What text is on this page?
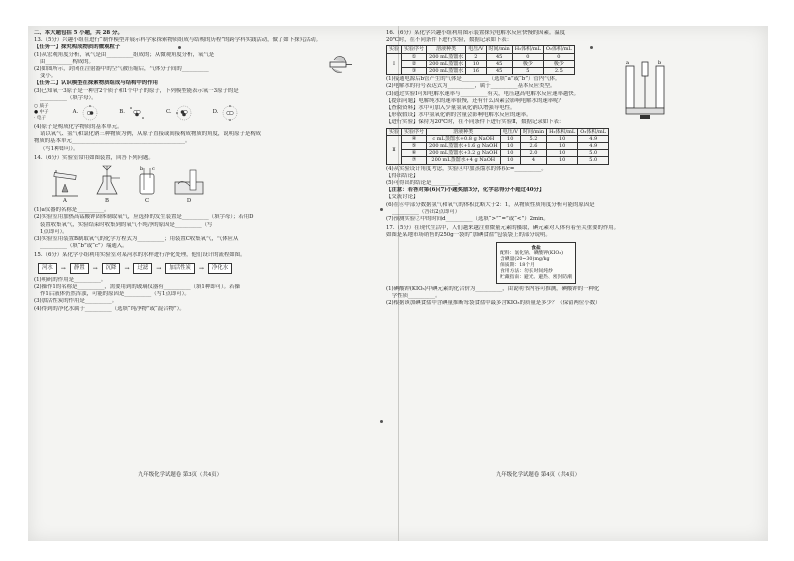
二、本大题包括 5 小题，共 28 分。
13.（5分）兴趣小组在进行“制作模型并展示科学家探索物质组成与结构的历程”的跨学科实践活动，做了如下探究活动。
【任务一】探究构成物质的微观粒子
(1)从宏观角度分析，氧气是由__________组成的；从微观角度分析，氧气是
由__________构成的。
(2)如图所示，封闭在注射器中的空气被压缩后，气体分子间的__________
变小。
【任务二】认识模型在探索物质组成与结构中的作用
(3)已知氧一3原子是一种含2个质子和1个中子的原子，下列模型能表示氧一3原子的是
__________（填字母）。
○ 质子
● 中子
· 电子
A.	B.	C.	D.
(4)原子是构成化学物质的基本单元。
请以氧气、氢气和氯化钠三种物质为例，从原子直接或间接构成物质的角度，说明原子是构成
物质的基本单元__________________________________________。
（写1种即可）。
14.（6分）实验室常用如图装置，回答下列问题。
A	B
b c
C	D
(1)a仪器的名称是__________。
(2)实验室用加热高锰酸钾固体制取氧气，应选择的发生装置是__________（填字母）；若用D
装置收集氧气，实验结束时收集到的氧气不纯净的原因是__________（写
1点即可）。
(3)实验室用装置B制取氧气的化学方程式为__________；用装置C收集氧气，气体应从
__________（填“b”或“c”）端通入。
15.（6分）某化学小组利用实验室对某河水的水样进行净化处理，他们设计的流程如图。
河水	→	静置	→	沉降	→	过滤	→	加活性炭	→	净化水
(1)明矾的作用是__________。
(2)操作1的名称是__________，需要用到的玻璃仪器有__________（填1种即可）。若操
作1后液体仍然浑浊，可能的原因是__________（写1点即可）。
(3)加活性炭的作用是__________。
(4)得到的净化水属于__________（选填“纯净物”或“混合物”）。
九年级化学试题卷 第3页（共4页）
16.（6分）某化学兴趣小组利用图示装置探究电解水反应快慢的因素。温度
20℃时，在不同条件下进行实验，数据记录如下表：
实验	实验序号	溶液种类	电压/V	时间/min	H₂体积/mL	O₂体积/mL
Ⅰ	①	200 mL蒸馏水	2	45	0	0
	②	200 mL蒸馏水	10	45	极少	极少
	③	200 mL蒸馏水	16	45	5	2.5
(1)接通电源后b管产生的气体是__________（选填“a”或“b”）管内气体。
(2)电解水的符号表达式为__________，属于__________基本反应类型。
(3)通过实验Ⅰ可知电解水速率与__________有关，电压越高电解水反应速率越快。
【提出问题】电解纯水的速率很慢，还有什么因素会影响电解水的速率呢？
【查阅资料】水中可加入少量氢氧化钠以增强导电性。
【形成假设】水中氢氧化钠的含量会影响电解水反应的速率。
【进行实验】保持为20℃时，在不同条件下进行实验Ⅱ，数据记录如下表：
实验	实验序号	溶液种类	电压/V	时间/min	H₂体积/mL	O₂体积/mL
Ⅱ	④	c mL蒸馏水+0.8 g NaOH	10	5.2	10	4.9
	⑤	200 mL蒸馏水+1.6 g NaOH	10	2.6	10	4.9
	⑥	200 mL蒸馏水+3.2 g NaOH	10	2.0	10	5.0
	⑦	200 mL蒸馏水+4 g NaOH	10	4	10	5.0
(4)从实验设计角度考虑，实验④中加蒸馏水的体积c=__________。
【得出结论】
(5)可得出的结论是__________。
【注意：若答对第(6)(7)小题奖励3分，化学总得分不超过40分】
【交流讨论】
(6)在⑥中部分数据氢气和氧气的体积比略大于2：1，从物质性质角度分析可能的原因是
__________（答出2点即可）
(7)预测实验⑦中的时间d__________（选填“>”“=”或“<”）2min。
17.（5分）在现代生活中，人们越来越注重微量元素的摄取，碘元素对人体有着至关重要的作用。
如图是某地市场销售的250g一袋的“加碘食盐”包装袋上的部分说明。
食盐
配料：氯化钠、碘酸钾(KIO₃)
含碘量(20~30)mg/kg
保质期：18个月
食用方法：勿长时间炖炒
贮藏指南：避光、避热、密封防潮
(1)碘酸钾(KIO₃)中碘元素的化合价为__________，由说明书内容可推测，碘酸钾的一种化
学性质__________。
(2)根据该加碘食盐中含碘量推断每袋食盐中最多含KIO₃的质量是多少？（保留两位小数）
a	b
九年级化学试题卷 第4页（共4页）
